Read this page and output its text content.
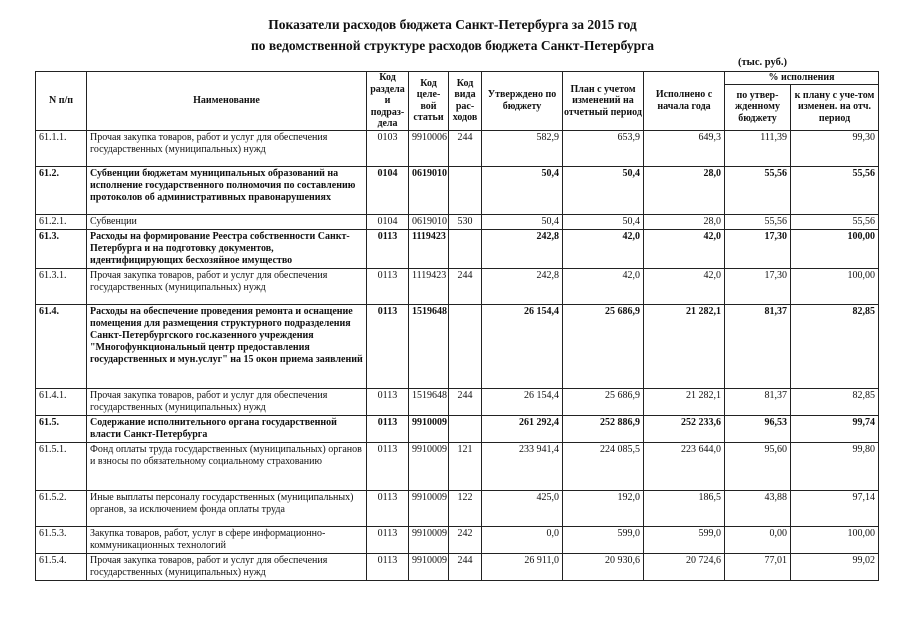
Показатели расходов бюджета Санкт-Петербурга за 2015 год
по ведомственной структуре расходов бюджета Санкт-Петербурга
(тыс. руб.)
N п/п	Наименование	Код раздела и подраз-дела	Код целе-вой статьи	Код вида рас-ходов	Утверждено по бюджету	План с учетом изменений на отчетный период	Исполнено с начала года	% исполнения	
								по утвер-жденному бюджету	к плану с уче-том изменен. на отч. период
61.1.1.	Прочая закупка товаров, работ и услуг для обеспечения государственных (муниципальных) нужд	0103	9910006	244	582,9	653,9	649,3	111,39	99,30
61.2.	Субвенции бюджетам муниципальных образований на исполнение государственного полномочия по составлению протоколов об административных правонарушениях	0104	0619010		50,4	50,4	28,0	55,56	55,56
61.2.1.	Субвенции	0104	0619010	530	50,4	50,4	28,0	55,56	55,56
61.3.	Расходы на формирование Реестра собственности Санкт-Петербурга и на подготовку документов, идентифицирующих бесхозяйное имущество	0113	1119423		242,8	42,0	42,0	17,30	100,00
61.3.1.	Прочая закупка товаров, работ и услуг для обеспечения государственных (муниципальных) нужд	0113	1119423	244	242,8	42,0	42,0	17,30	100,00
61.4.	Расходы на обеспечение проведения ремонта и оснащение помещения для размещения структурного подразделения Санкт-Петербургского гос.казенного учреждения "Многофункциональный центр предоставления государственных и мун.услуг" на 15 окон приема заявлений	0113	1519648		26 154,4	25 686,9	21 282,1	81,37	82,85
61.4.1.	Прочая закупка товаров, работ и услуг для обеспечения государственных (муниципальных) нужд	0113	1519648	244	26 154,4	25 686,9	21 282,1	81,37	82,85
61.5.	Содержание исполнительного органа государственной власти Санкт-Петербурга	0113	9910009		261 292,4	252 886,9	252 233,6	96,53	99,74
61.5.1.	Фонд оплаты труда государственных (муниципальных) органов и взносы по обязательному социальному страхованию	0113	9910009	121	233 941,4	224 085,5	223 644,0	95,60	99,80
61.5.2.	Иные выплаты персоналу государственных (муниципальных) органов, за исключением фонда оплаты труда	0113	9910009	122	425,0	192,0	186,5	43,88	97,14
61.5.3.	Закупка товаров, работ, услуг в сфере информационно-коммуникационных технологий	0113	9910009	242	0,0	599,0	599,0	0,00	100,00
61.5.4.	Прочая закупка товаров, работ и услуг для обеспечения государственных (муниципальных) нужд	0113	9910009	244	26 911,0	20 930,6	20 724,6	77,01	99,02
